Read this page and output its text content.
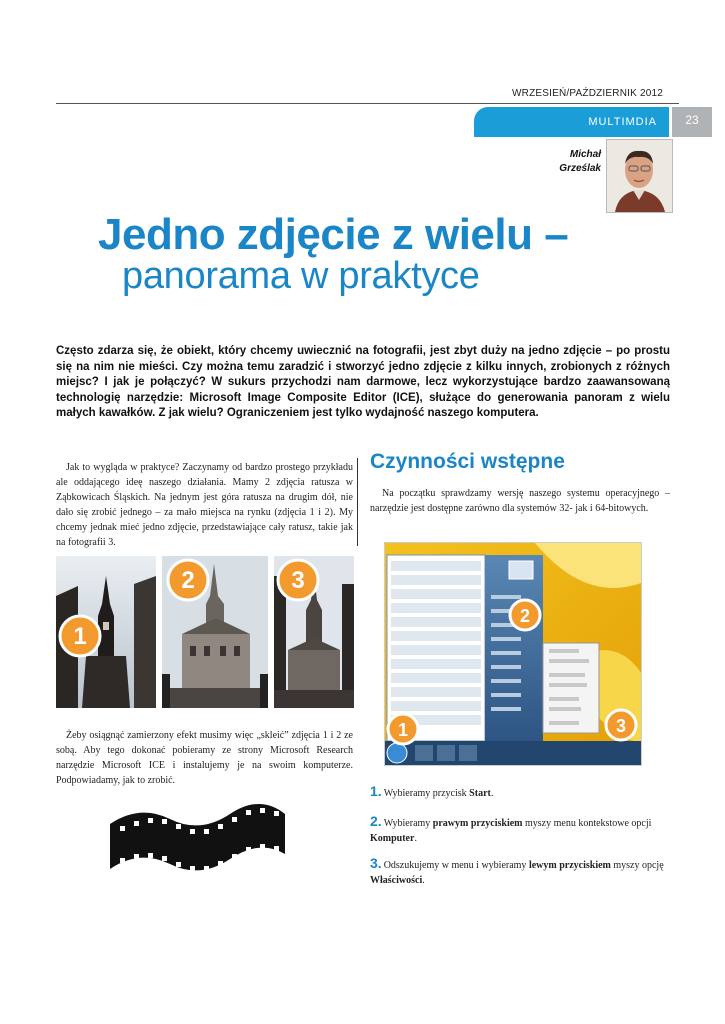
WRZESIEŃ/PAŹDZIERNIK 2012
MULTIMDIA	23
Michał
Grześlak
Jedno zdjęcie z wielu –
panorama w praktyce

Często zdarza się, że obiekt, który chcemy uwiecznić na fotografii, jest zbyt duży na jedno zdjęcie – po prostu się na nim nie mieści. Czy można temu zaradzić i stworzyć jedno zdjęcie z kilku innych, zrobionych z różnych miejsc? I jak je połączyć? W sukurs przychodzi nam darmowe, lecz wykorzystujące bardzo zaawansowaną technologię narzędzie: Microsoft Image Composite Editor (ICE), służące do generowania panoram z wielu małych kawałków. Z jak wielu? Ograniczeniem jest tylko wydajność naszego komputera.

Jak to wygląda w praktyce? Zaczynamy od bardzo prostego przykładu ale oddającego ideę naszego działania. Mamy 2 zdjęcia ratusza w Ząbkowicach Śląskich. Na jednym jest góra ratusza na drugim dół, nie dało się zrobić jednego – za mało miejsca na rynku (zdjęcia 1 i 2). My chcemy jednak mieć jedno zdjęcie, przedstawiające cały ratusz, takie jak na fotografii 3.

1
2	3

Żeby osiągnąć zamierzony efekt musimy więc „skleić” zdjęcia 1 i 2 ze sobą. Aby tego dokonać pobieramy ze strony Microsoft Research narzędzie Microsoft ICE i instalujemy je na swoim komputerze. Podpowiadamy, jak to zrobić.

Czynności wstępne

Na początku sprawdzamy wersję naszego systemu operacyjnego – narzędzie jest dostępne zarówno dla systemów 32- jak i 64-bitowych.

1
2
3
1. Wybieramy przycisk Start.
2. Wybieramy prawym przyciskiem myszy menu kontekstowe opcji Komputer.
3. Odszukujemy w menu i wybieramy lewym przyciskiem myszy opcję Właściwości.
